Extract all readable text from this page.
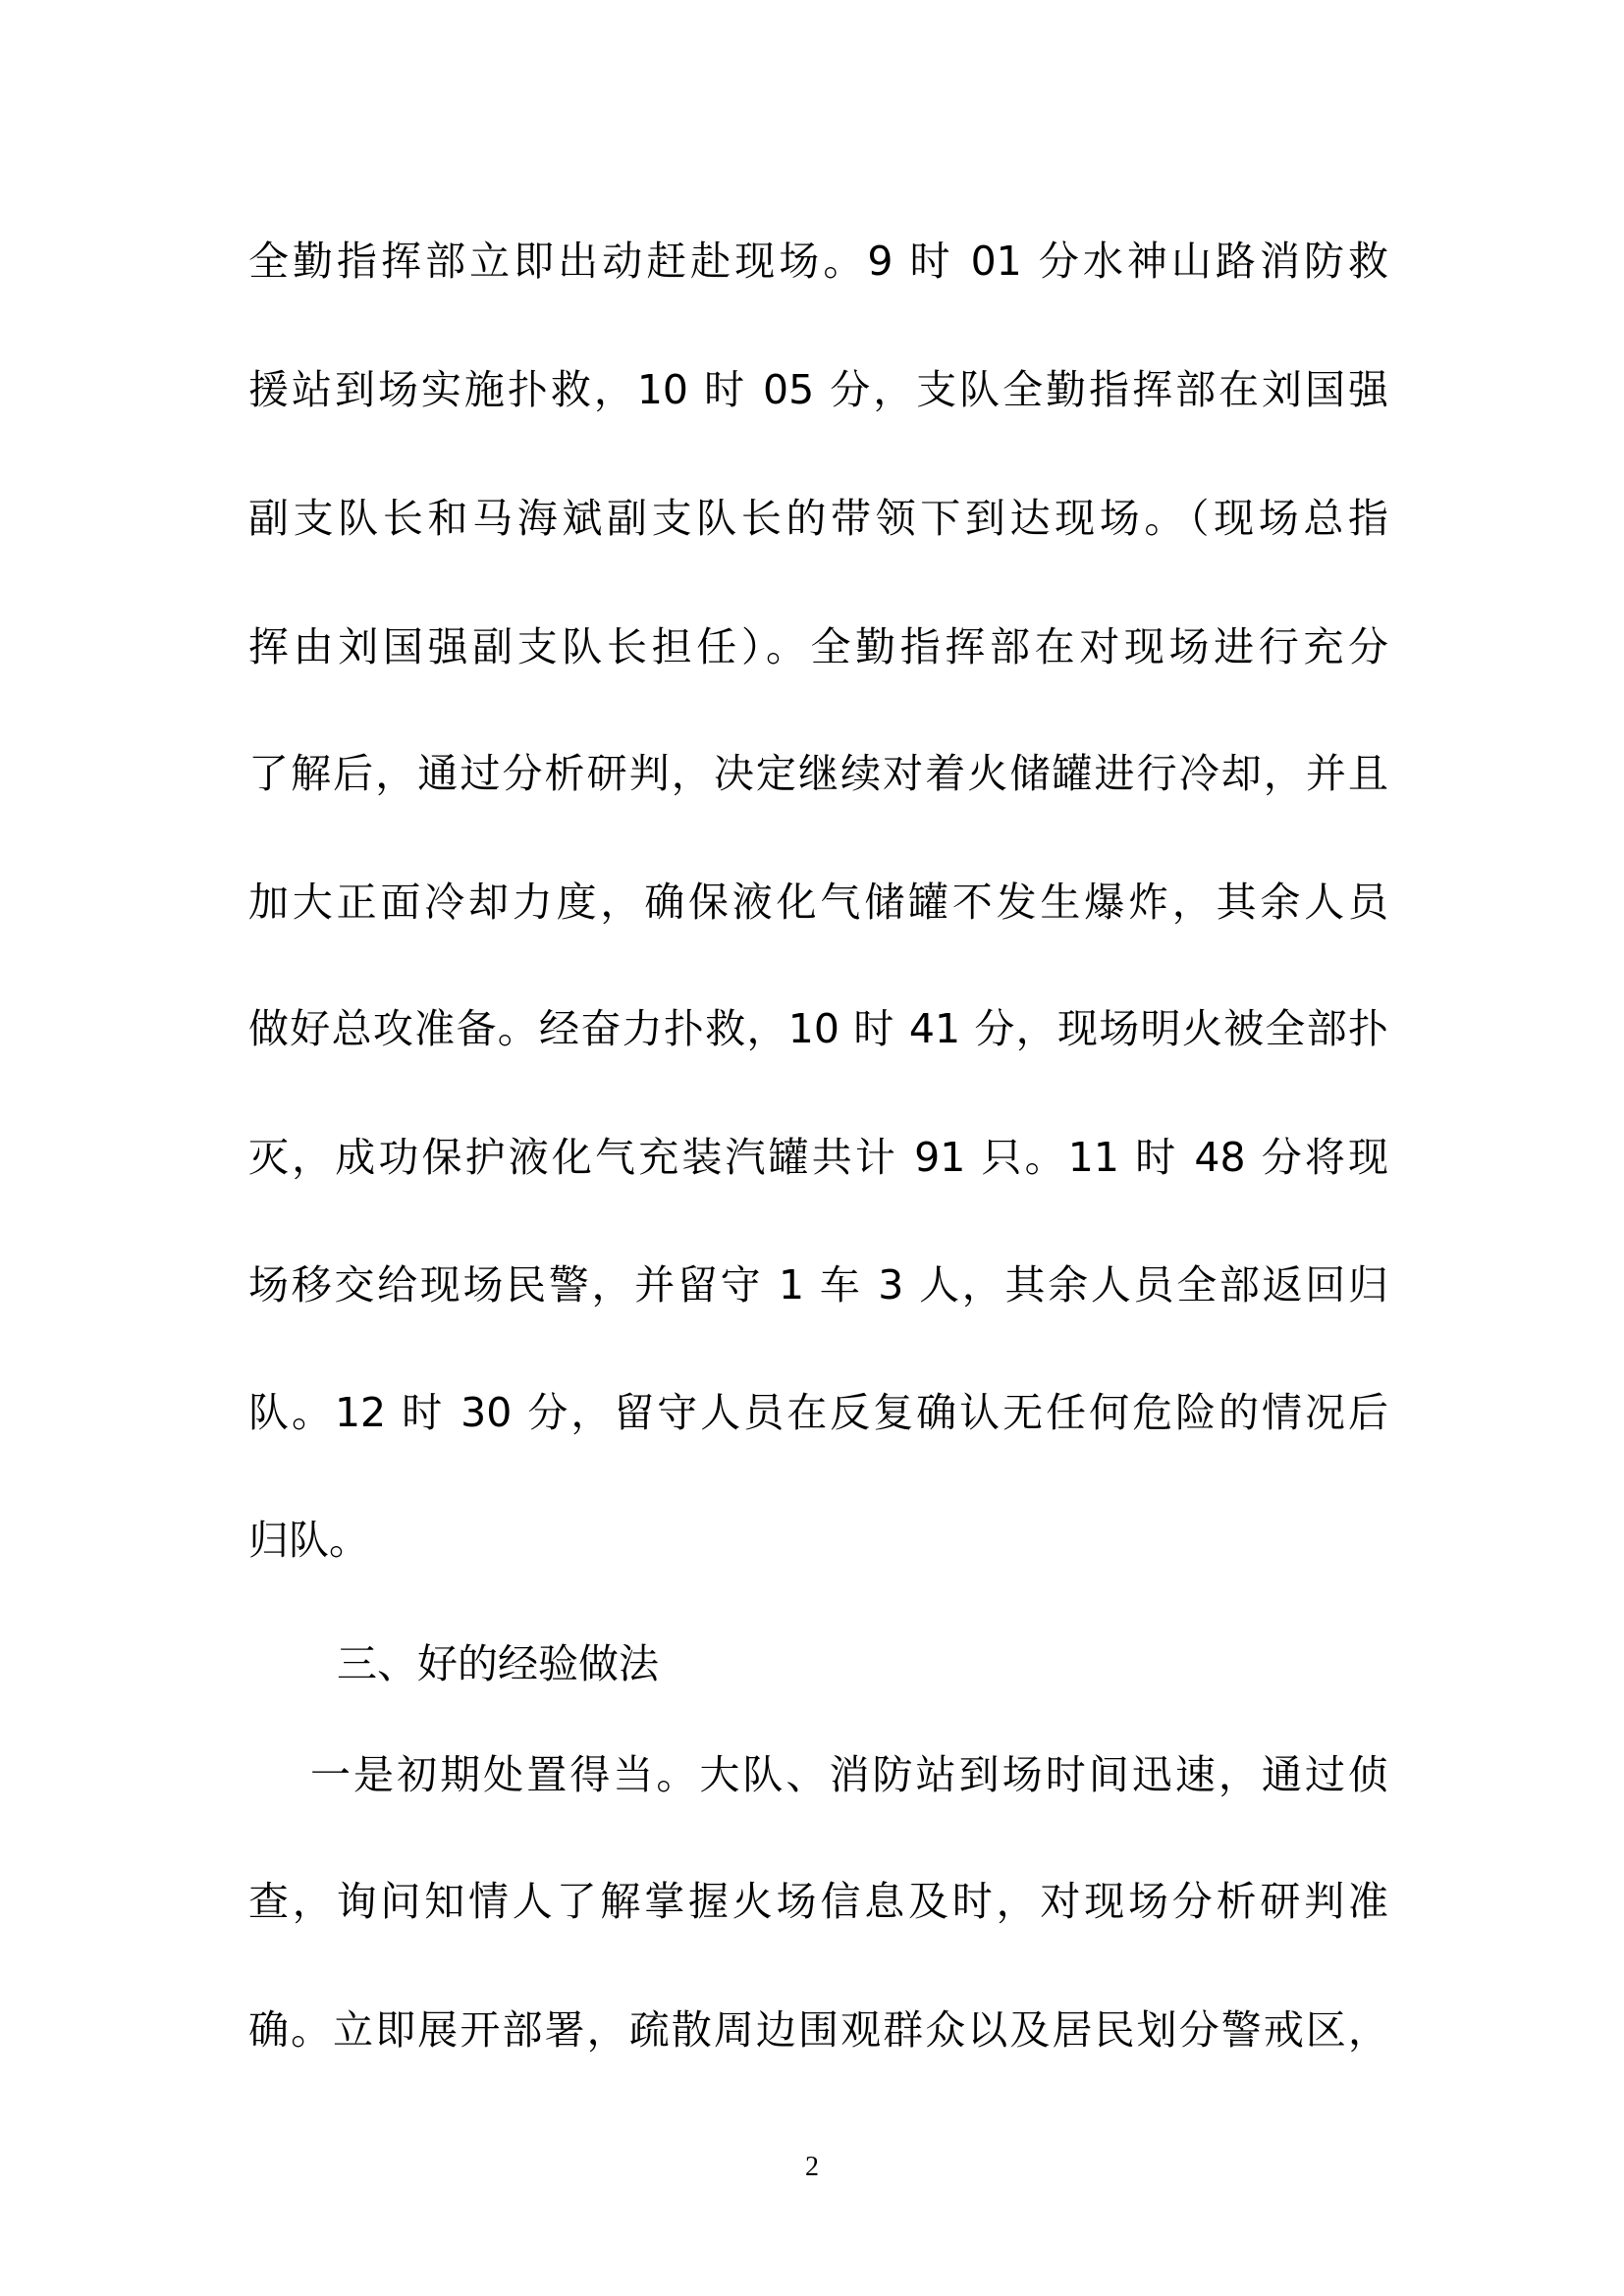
全勤指挥部立即出动赶赴现场。9 时 01 分水神山路消防救
援站到场实施扑救，10 时 05 分，支队全勤指挥部在刘国强
副支队长和马海斌副支队长的带领下到达现场。（现场总指
挥由刘国强副支队长担任）。全勤指挥部在对现场进行充分
了解后，通过分析研判，决定继续对着火储罐进行冷却，并且
加大正面冷却力度，确保液化气储罐不发生爆炸，其余人员
做好总攻准备。经奋力扑救，10 时 41 分，现场明火被全部扑
灭，成功保护液化气充装汽罐共计 91 只。11 时 48 分将现
场移交给现场民警，并留守 1 车 3 人，其余人员全部返回归
队。12 时 30 分，留守人员在反复确认无任何危险的情况后
归队。
三、好的经验做法
一是初期处置得当。大队、消防站到场时间迅速，通过侦
查，询问知情人了解掌握火场信息及时，对现场分析研判准
确。立即展开部署，疏散周边围观群众以及居民划分警戒区，
2
